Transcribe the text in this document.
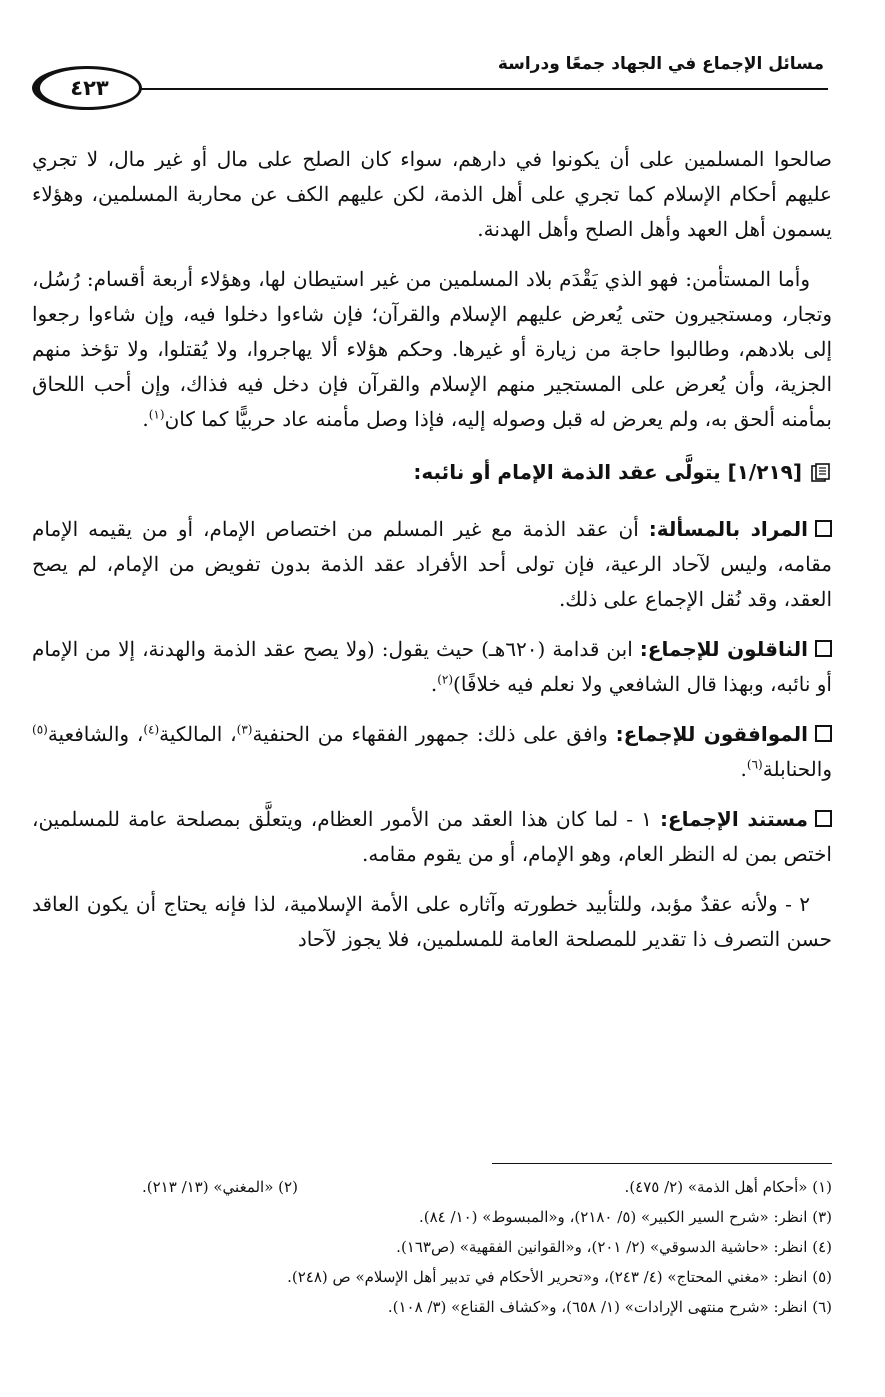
مسائل الإجماع في الجهاد جمعًا ودراسة
٤٢٣

صالحوا المسلمين على أن يكونوا في دارهم، سواء كان الصلح على مال أو غير مال، لا تجري عليهم أحكام الإسلام كما تجري على أهل الذمة، لكن عليهم الكف عن محاربة المسلمين، وهؤلاء يسمون أهل العهد وأهل الصلح وأهل الهدنة.

وأما المستأمن: فهو الذي يَقْدَم بلاد المسلمين من غير استيطان لها، وهؤلاء أربعة أقسام: رُسُل، وتجار، ومستجيرون حتى يُعرض عليهم الإسلام والقرآن؛ فإن شاءوا دخلوا فيه، وإن شاءوا رجعوا إلى بلادهم، وطالبوا حاجة من زيارة أو غيرها. وحكم هؤلاء ألا يهاجروا، ولا يُقتلوا، ولا تؤخذ منهم الجزية، وأن يُعرض على المستجير منهم الإسلام والقرآن فإن دخل فيه فذاك، وإن أحب اللحاق بمأمنه ألحق به، ولم يعرض له قبل وصوله إليه، فإذا وصل مأمنه عاد حربيًّا كما كان$^{(١)}$.

[١/٢١٩] يتولَّى عقد الذمة الإمام أو نائبه:

المراد بالمسألة: أن عقد الذمة مع غير المسلم من اختصاص الإمام، أو من يقيمه الإمام مقامه، وليس لآحاد الرعية، فإن تولى أحد الأفراد عقد الذمة بدون تفويض من الإمام، لم يصح العقد، وقد نُقل الإجماع على ذلك.

الناقلون للإجماع: ابن قدامة (٦٢٠هـ) حيث يقول: (ولا يصح عقد الذمة والهدنة، إلا من الإمام أو نائبه، وبهذا قال الشافعي ولا نعلم فيه خلافًا)$^{(٢)}$.

الموافقون للإجماع: وافق على ذلك: جمهور الفقهاء من الحنفية$^{(٣)}$، المالكية$^{(٤)}$، والشافعية$^{(٥)}$ والحنابلة$^{(٦)}$.

مستند الإجماع: ١ - لما كان هذا العقد من الأمور العظام، ويتعلَّق بمصلحة عامة للمسلمين، اختص بمن له النظر العام، وهو الإمام، أو من يقوم مقامه.

٢ - ولأنه عقدٌ مؤبد، وللتأبيد خطورته وآثاره على الأمة الإسلامية، لذا فإنه يحتاج أن يكون العاقد حسن التصرف ذا تقدير للمصلحة العامة للمسلمين، فلا يجوز لآحاد

(١) «أحكام أهل الذمة» (٢/ ٤٧٥).

(٢) «المغني» (١٣/ ٢١٣).

(٣) انظر: «شرح السير الكبير» (٥/ ٢١٨٠)، و«المبسوط» (١٠/ ٨٤).

(٤) انظر: «حاشية الدسوقي» (٢/ ٢٠١)، و«القوانين الفقهية» (ص١٦٣).

(٥) انظر: «مغني المحتاج» (٤/ ٢٤٣)، و«تحرير الأحكام في تدبير أهل الإسلام» ص (٢٤٨).

(٦) انظر: «شرح منتهى الإرادات» (١/ ٦٥٨)، و«كشاف القناع» (٣/ ١٠٨).
